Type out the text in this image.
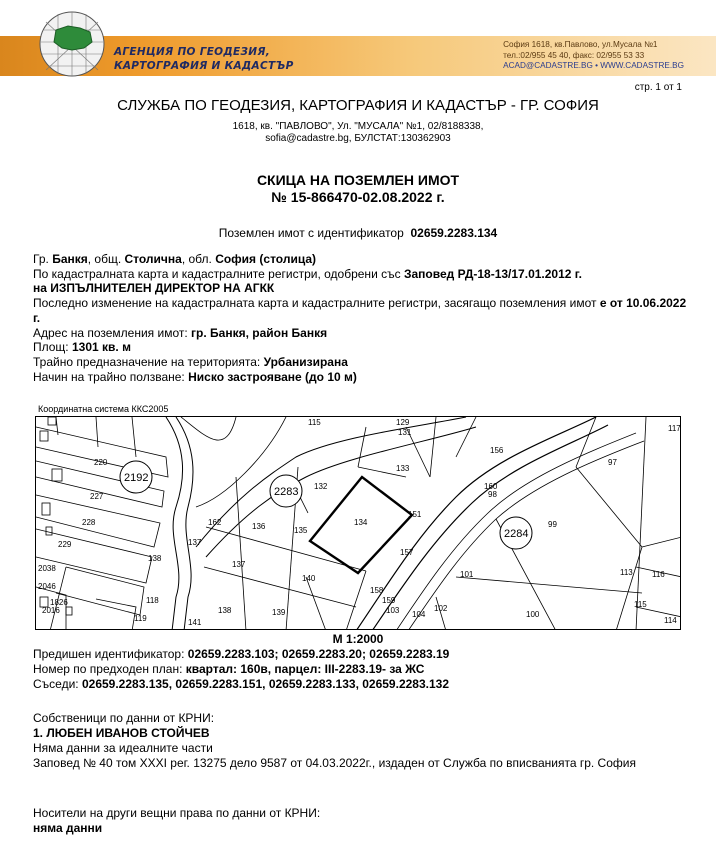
АГЕНЦИЯ ПО ГЕОДЕЗИЯ,
КАРТОГРАФИЯ И КАДАСТЪР
София 1618, кв.Павлово, ул.Мусала №1
тел.:02/955 45 40, факс: 02/955 53 33
ACAD@CADASTRE.BG • WWW.CADASTRE.BG
стр. 1 от 1
СЛУЖБА ПО ГЕОДЕЗИЯ, КАРТОГРАФИЯ И КАДАСТЪР - ГР. СОФИЯ
1618, кв. "ПАВЛОВО", Ул. "МУСАЛА" №1, 02/8188338,
sofia@cadastre.bg, БУЛСТАТ:130362903
СКИЦА НА ПОЗЕМЛЕН ИМОТ
№ 15-866470-02.08.2022 г.
Поземлен имот с идентификатор 02659.2283.134
Гр. Банкя, общ. Столична, обл. София (столица)
По кадастралната карта и кадастралните регистри, одобрени със Заповед РД-18-13/17.01.2012 г.
на ИЗПЪЛНИТЕЛЕН ДИРЕКТОР НА АГКК
Последно изменение на кадастралната карта и кадастралните регистри, засягащо поземления имот е от 10.06.2022 г.
Адрес на поземления имот: гр. Банкя, район Банкя
Площ: 1301 кв. м
Трайно предназначение на територията: Урбанизирана
Начин на трайно ползване: Ниско застрояване (до 10 м)
Координатна система ККС2005
2192
2283
2284
220
227
228
229
138
2038
2046
1826
2016
118
119	141
162
137
136	135
137
138	139
140
132
134
133
115	129
131
151
157
158
159
103 104
102
101
100
156
160
98
99
97
113 116
115
114
117
М 1:2000
Предишен идентификатор: 02659.2283.103; 02659.2283.20; 02659.2283.19
Номер по предходен план: квартал: 160в, парцел: III-2283.19- за ЖС
Съседи: 02659.2283.135, 02659.2283.151, 02659.2283.133, 02659.2283.132
Собственици по данни от КРНИ:
1. ЛЮБЕН ИВАНОВ СТОЙЧЕВ
Няма данни за идеалните части
Заповед № 40 том XXXI рег. 13275 дело 9587 от 04.03.2022г., издаден от Служба по вписванията гр. София
Носители на други вещни права по данни от КРНИ:
няма данни
